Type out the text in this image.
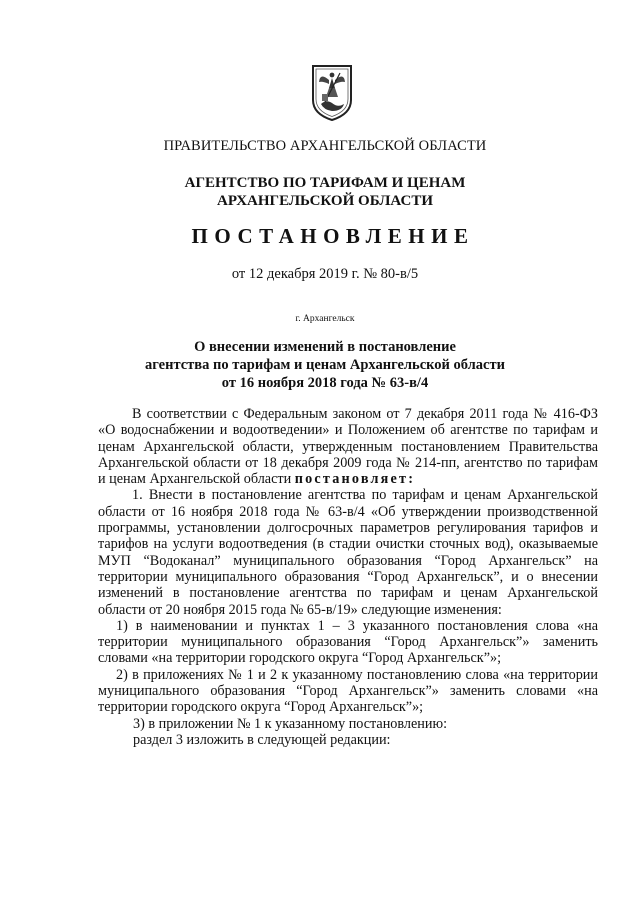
ПРАВИТЕЛЬСТВО АРХАНГЕЛЬСКОЙ ОБЛАСТИ
АГЕНТСТВО ПО ТАРИФАМ И ЦЕНАМ
АРХАНГЕЛЬСКОЙ ОБЛАСТИ
ПОСТАНОВЛЕНИЕ
от 12 декабря 2019 г. № 80-в/5
г. Архангельск
О внесении изменений в постановление
агентства по тарифам и ценам Архангельской области
от 16 ноября 2018 года № 63-в/4

В соответствии с Федеральным законом от 7 декабря 2011 года № 416-ФЗ «О водоснабжении и водоотведении» и Положением об агентстве по тарифам и ценам Архангельской области, утвержденным постановлением Правительства Архангельской области от 18 декабря 2009 года № 214-пп, агентство по тарифам и ценам Архангельской области постановляет:

1. Внести в постановление агентства по тарифам и ценам Архангельской области от 16 ноября 2018 года № 63-в/4 «Об утверждении производственной программы, установлении долгосрочных параметров регулирования тарифов и тарифов на услуги водоотведения (в стадии очистки сточных вод), оказываемые МУП “Водоканал” муниципального образования “Город Архангельск” на территории муниципального образования “Город Архангельск”, и о внесении изменений в постановление агентства по тарифам и ценам Архангельской области от 20 ноября 2015 года № 65-в/19» следующие изменения:

1) в наименовании и пунктах 1 – 3 указанного постановления слова «на территории муниципального образования “Город Архангельск”» заменить словами «на территории городского округа “Город Архангельск”»;

2) в приложениях № 1 и 2 к указанному постановлению слова «на территории муниципального образования “Город Архангельск”» заменить словами «на территории городского округа “Город Архангельск”»;

3) в приложении № 1 к указанному постановлению:

раздел 3 изложить в следующей редакции:
